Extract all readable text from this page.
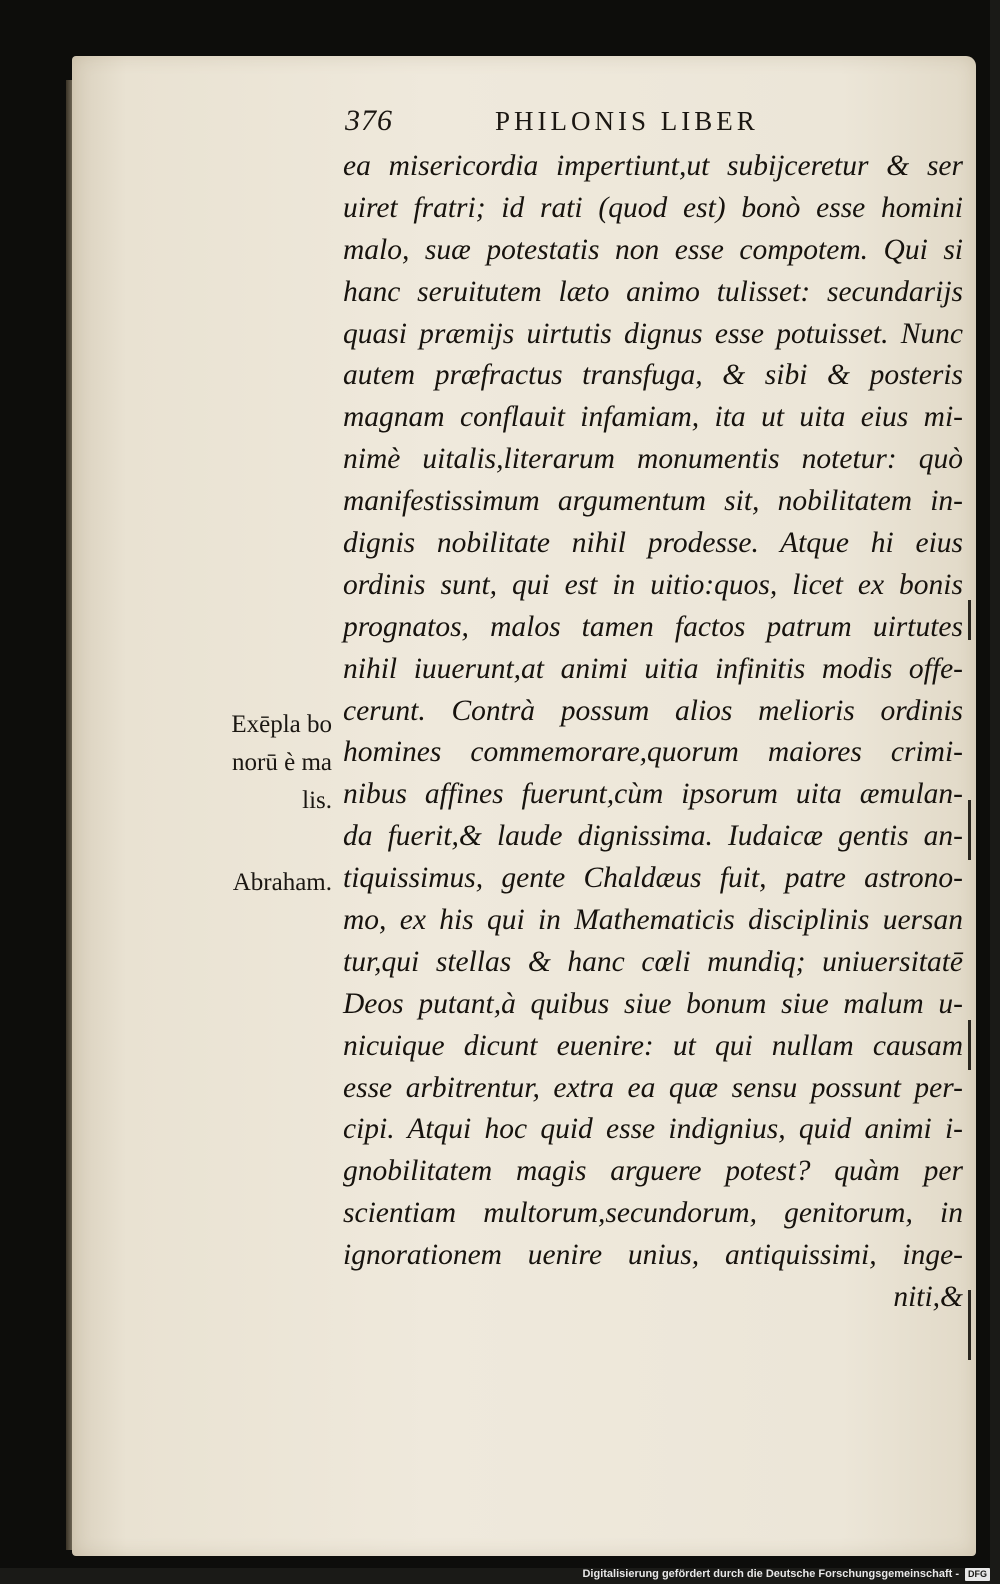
376	PHILONIS LIBER
ea misericordia impertiunt,ut subijceretur & ser
uiret fratri; id rati (quod est) bonò esse homini
malo, suæ potestatis non esse compotem. Qui si
hanc seruitutem læto animo tulisset: secundarijs
quasi præmijs uirtutis dignus esse potuisset. Nunc
autem præfractus transfuga, & sibi & posteris
magnam conflauit infamiam, ita ut uita eius mi-
nimè uitalis,literarum monumentis notetur: quò
manifestissimum argumentum sit, nobilitatem in-
dignis nobilitate nihil prodesse. Atque hi eius
ordinis sunt, qui est in uitio:quos, licet ex bonis
prognatos, malos tamen factos patrum uirtutes
nihil iuuerunt,at animi uitia infinitis modis offe-
cerunt. Contrà possum alios melioris ordinis
homines commemorare,quorum maiores crimi-
nibus affines fuerunt,cùm ipsorum uita æmulan-
da fuerit,& laude dignissima. Iudaicæ gentis an-
tiquissimus, gente Chaldæus fuit, patre astrono-
mo, ex his qui in Mathematicis disciplinis uersan
tur,qui stellas & hanc cœli mundiq; uniuersitatē
Deos putant,à quibus siue bonum siue malum u-
nicuique dicunt euenire: ut qui nullam causam
esse arbitrentur, extra ea quæ sensu possunt per-
cipi. Atqui hoc quid esse indignius, quid animi i-
gnobilitatem magis arguere potest? quàm per
scientiam multorum,secundorum, genitorum, in
ignorationem uenire unius, antiquissimi, inge-
niti,&
Exēpla bo
norū è ma
lis.
Abraham.
Digitalisierung gefördert durch die Deutsche Forschungsgemeinschaft -	DFG
